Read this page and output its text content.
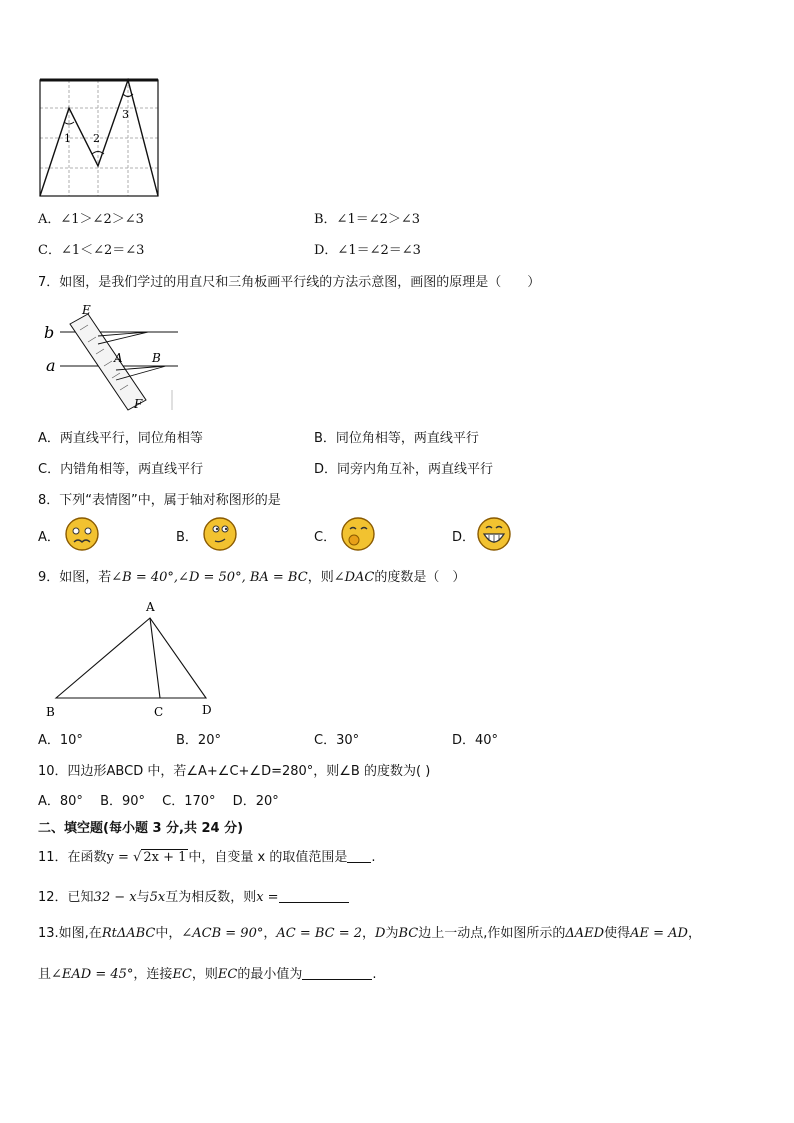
1 2
3
A．∠1＞∠2＞∠3	B．∠1＝∠2＞∠3
C．∠1＜∠2＝∠3	D．∠1＝∠2＝∠3
7．如图，是我们学过的用直尺和三角板画平行线的方法示意图，画图的原理是（　　）
b
a
E
A B
F
A．两直线平行，同位角相等	B．同位角相等，两直线平行
C．内错角相等，两直线平行	D．同旁内角互补，两直线平行
8．下列“表情图”中，属于轴对称图形的是
A．	B．	C．	D．
9．如图，若∠B = 40°,∠D = 50°, BA = BC，则∠DAC的度数是（　）
A
B	C	D
A．10°	B．20°	C．30°	D．40°
10．四边形ABCD 中，若∠A+∠C+∠D=280°，则∠B 的度数为( )
A．80°　 B．90°　 C．170°　 D．20°
二、填空题(每小题 3 分,共 24 分)
11．在函数y = √ 2x + 1 中，自变量 x 的取值范围是 .
12．已知32 − x与5x互为相反数，则x =
13.如图,在RtΔABC中，∠ACB = 90°，AC = BC = 2，D为BC边上一动点,作如图所示的ΔAED使得AE = AD，
且∠EAD = 45°，连接EC，则EC的最小值为	.
